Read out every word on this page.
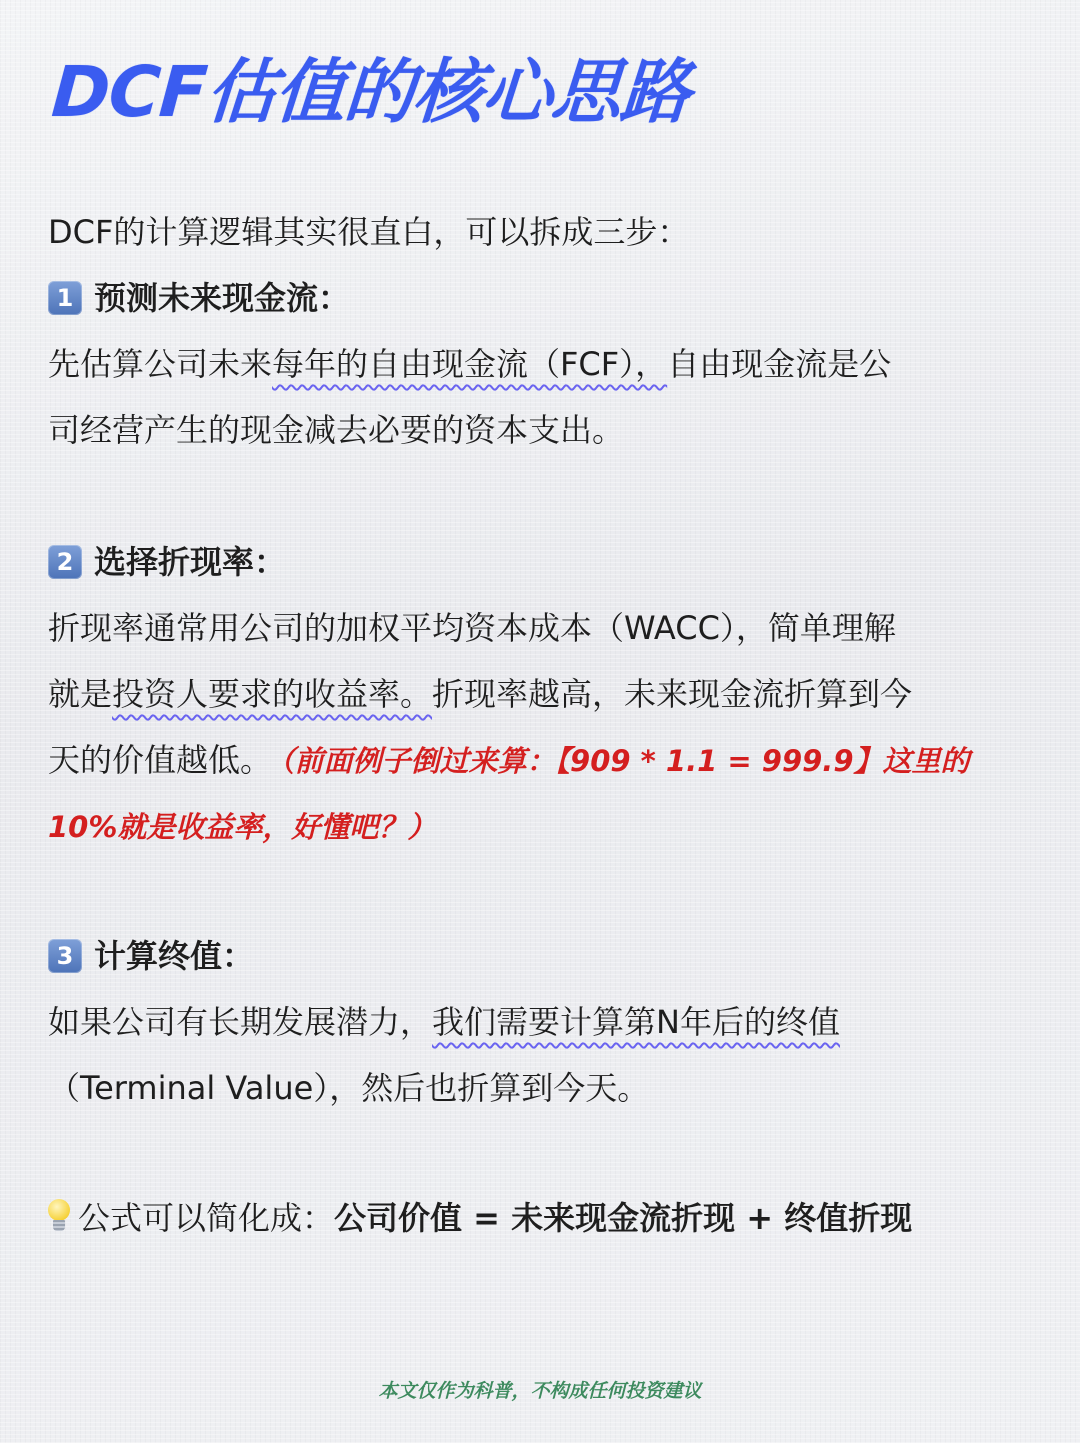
DCF估值的核心思路
DCF的计算逻辑其实很直白，可以拆成三步：
1 预测未来现金流：
先估算公司未来每年的自由现金流（FCF），自由现金流是公
司经营产生的现金减去必要的资本支出。
2 选择折现率：
折现率通常用公司的加权平均资本成本（WACC），简单理解
就是投资人要求的收益率。折现率越高，未来现金流折算到今
天的价值越低。 （前面例子倒过来算：【909 * 1.1 = 999.9】这里的
10%就是收益率，好懂吧？）
3 计算终值：
如果公司有长期发展潜力，我们需要计算第N年后的终值
（Terminal Value），然后也折算到今天。
公式可以简化成：公司价值 = 未来现金流折现 + 终值折现
本文仅作为科普，不构成任何投资建议
